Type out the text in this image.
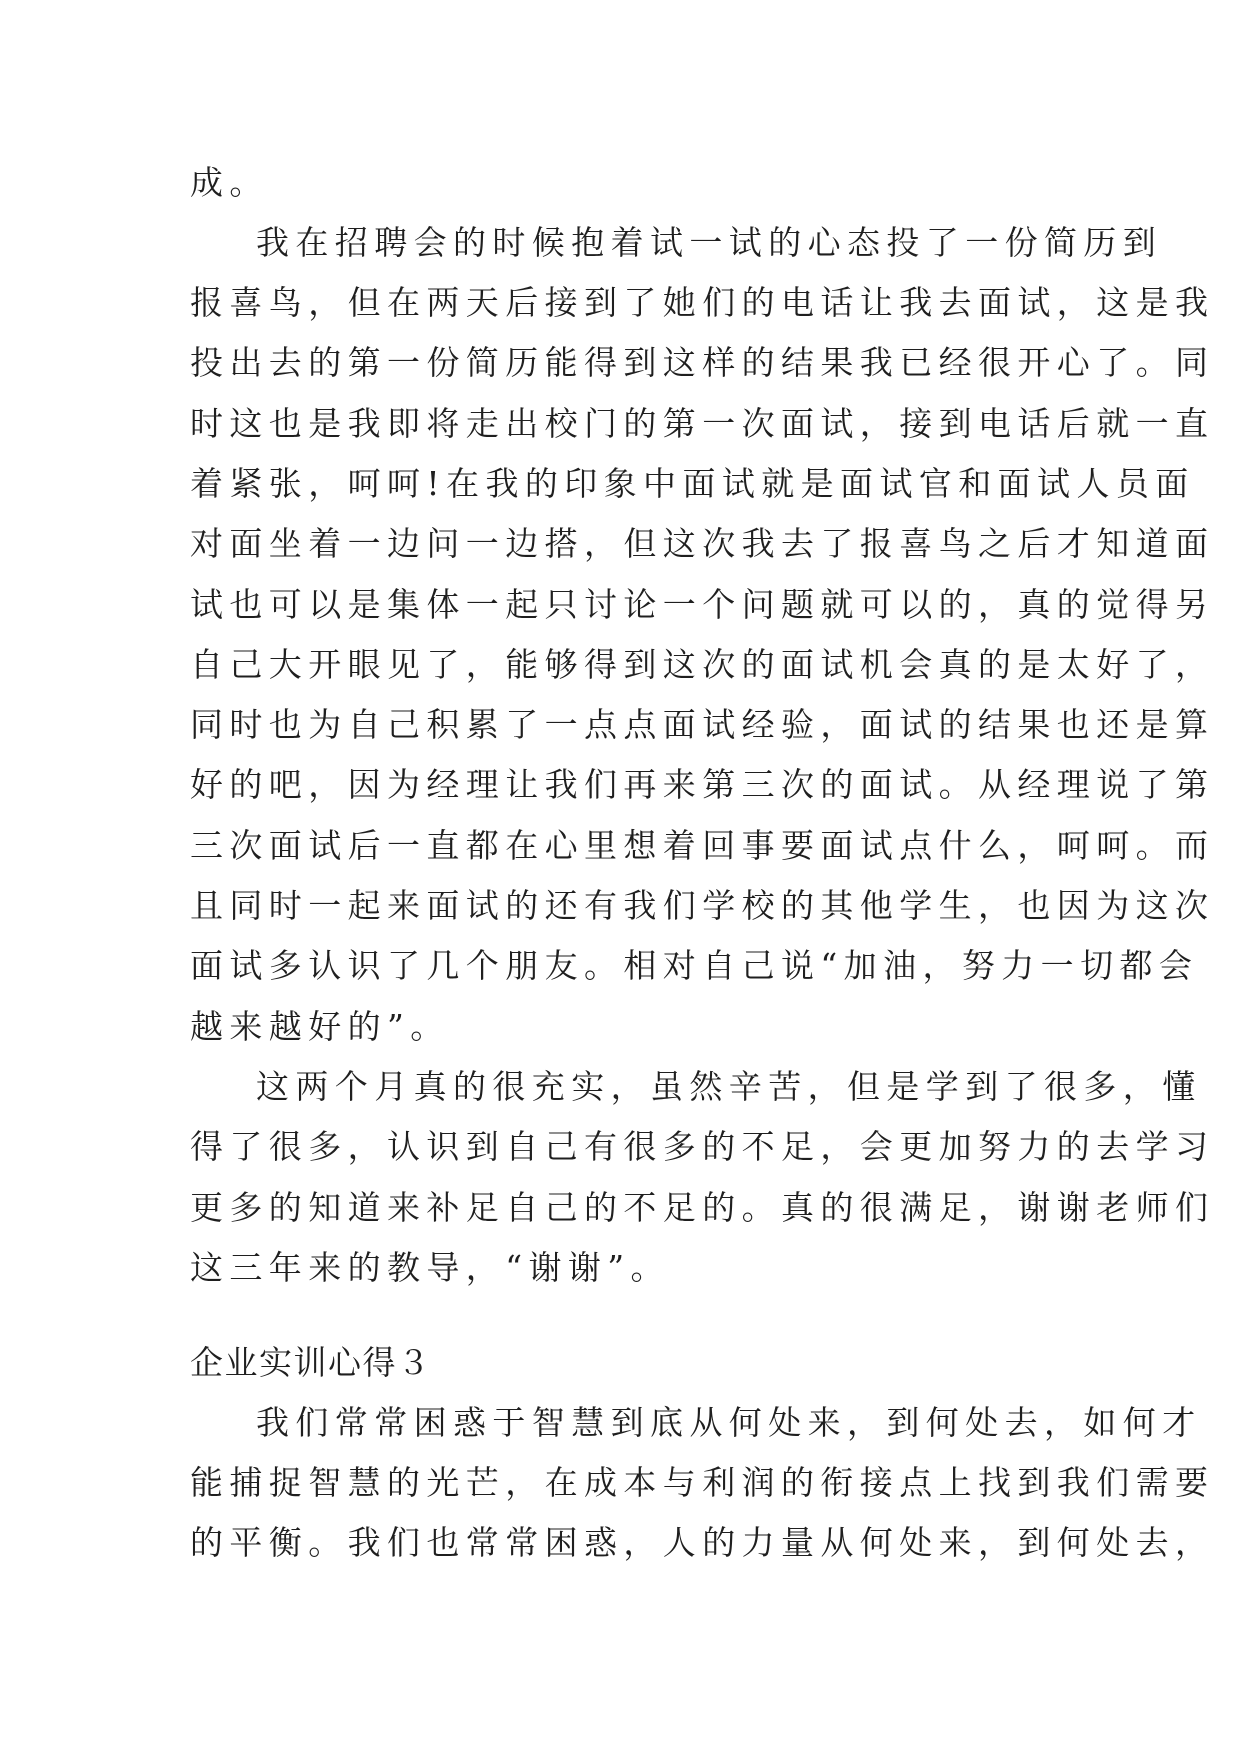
成。
我在招聘会的时候抱着试一试的心态投了一份简历到
报喜鸟，但在两天后接到了她们的电话让我去面试，这是我
投出去的第一份简历能得到这样的结果我已经很开心了。同
时这也是我即将走出校门的第一次面试，接到电话后就一直
着紧张，呵呵!在我的印象中面试就是面试官和面试人员面
对面坐着一边问一边搭，但这次我去了报喜鸟之后才知道面
试也可以是集体一起只讨论一个问题就可以的，真的觉得另
自己大开眼见了，能够得到这次的面试机会真的是太好了，
同时也为自己积累了一点点面试经验，面试的结果也还是算
好的吧，因为经理让我们再来第三次的面试。从经理说了第
三次面试后一直都在心里想着回事要面试点什么，呵呵。而
且同时一起来面试的还有我们学校的其他学生，也因为这次
面试多认识了几个朋友。相对自己说“加油，努力一切都会
越来越好的”。
这两个月真的很充实，虽然辛苦，但是学到了很多，懂
得了很多，认识到自己有很多的不足，会更加努力的去学习
更多的知道来补足自己的不足的。真的很满足，谢谢老师们
这三年来的教导，“谢谢”。
企业实训心得３
我们常常困惑于智慧到底从何处来，到何处去，如何才
能捕捉智慧的光芒，在成本与利润的衔接点上找到我们需要
的平衡。我们也常常困惑，人的力量从何处来，到何处去，
